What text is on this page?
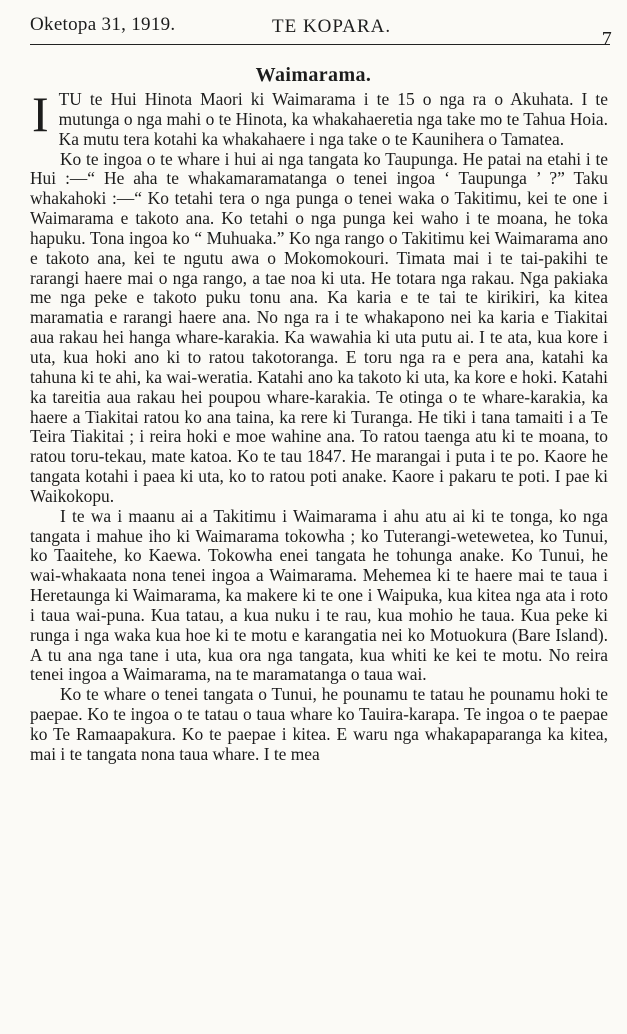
Oketopa 31, 1919.	TE KOPARA.
7
Waimarama.

ITU te Hui Hinota Maori ki Waimarama i te 15 o nga ra o Akuhata. I te mutunga o nga mahi o te Hinota, ka whakahaeretia nga take mo te Tahua Hoia. Ka mutu tera kotahi ka whakahaere i nga take o te Kaunihera o Tamatea.

Ko te ingoa o te whare i hui ai nga tangata ko Taupunga. He patai na etahi i te Hui :—“ He aha te whakamaramatanga o tenei ingoa ‘ Taupunga ’ ?” Taku whakahoki :—“ Ko tetahi tera o nga punga o tenei waka o Takitimu, kei te one i Waimarama e takoto ana. Ko tetahi o nga punga kei waho i te moana, he toka hapuku. Tona ingoa ko “ Muhuaka.” Ko nga rango o Takitimu kei Waimarama ano e takoto ana, kei te ngutu awa o Mokomokouri. Timata mai i te tai-pakihi te rarangi haere mai o nga rango, a tae noa ki uta. He totara nga rakau. Nga pakiaka me nga peke e takoto puku tonu ana. Ka karia e te tai te kirikiri, ka kitea maramatia e rarangi haere ana. No nga ra i te whakapono nei ka karia e Tiakitai aua rakau hei hanga whare-karakia. Ka wawahia ki uta putu ai. I te ata, kua kore i uta, kua hoki ano ki to ratou takotoranga. E toru nga ra e pera ana, katahi ka tahuna ki te ahi, ka wai-weratia. Katahi ano ka takoto ki uta, ka kore e hoki. Katahi ka tareitia aua rakau hei poupou whare-karakia. Te otinga o te whare-karakia, ka haere a Tiakitai ratou ko ana taina, ka rere ki Turanga. He tiki i tana tamaiti i a Te Teira Tiakitai ; i reira hoki e moe wahine ana. To ratou taenga atu ki te moana, to ratou toru-tekau, mate katoa. Ko te tau 1847. He marangai i puta i te po. Kaore he tangata kotahi i paea ki uta, ko to ratou poti anake. Kaore i pakaru te poti. I pae ki Waikokopu.

I te wa i maanu ai a Takitimu i Waimarama i ahu atu ai ki te tonga, ko nga tangata i mahue iho ki Waimarama tokowha ; ko Tuterangi-wetewetea, ko Tunui, ko Taaitehe, ko Kaewa. Tokowha enei tangata he tohunga anake. Ko Tunui, he wai-whakaata nona tenei ingoa a Waimarama. Mehemea ki te haere mai te taua i Heretaunga ki Waimarama, ka makere ki te one i Waipuka, kua kitea nga ata i roto i taua wai-puna. Kua tatau, a kua nuku i te rau, kua mohio he taua. Kua peke ki runga i nga waka kua hoe ki te motu e karangatia nei ko Motuokura (Bare Island). A tu ana nga tane i uta, kua ora nga tangata, kua whiti ke kei te motu. No reira tenei ingoa a Waimarama, na te maramatanga o taua wai.

Ko te whare o tenei tangata o Tunui, he pounamu te tatau he pounamu hoki te paepae. Ko te ingoa o te tatau o taua whare ko Tauira-karapa. Te ingoa o te paepae ko Te Ramaapakura. Ko te paepae i kitea. E waru nga whakapaparanga ka kitea, mai i te tangata nona taua whare. I te mea
